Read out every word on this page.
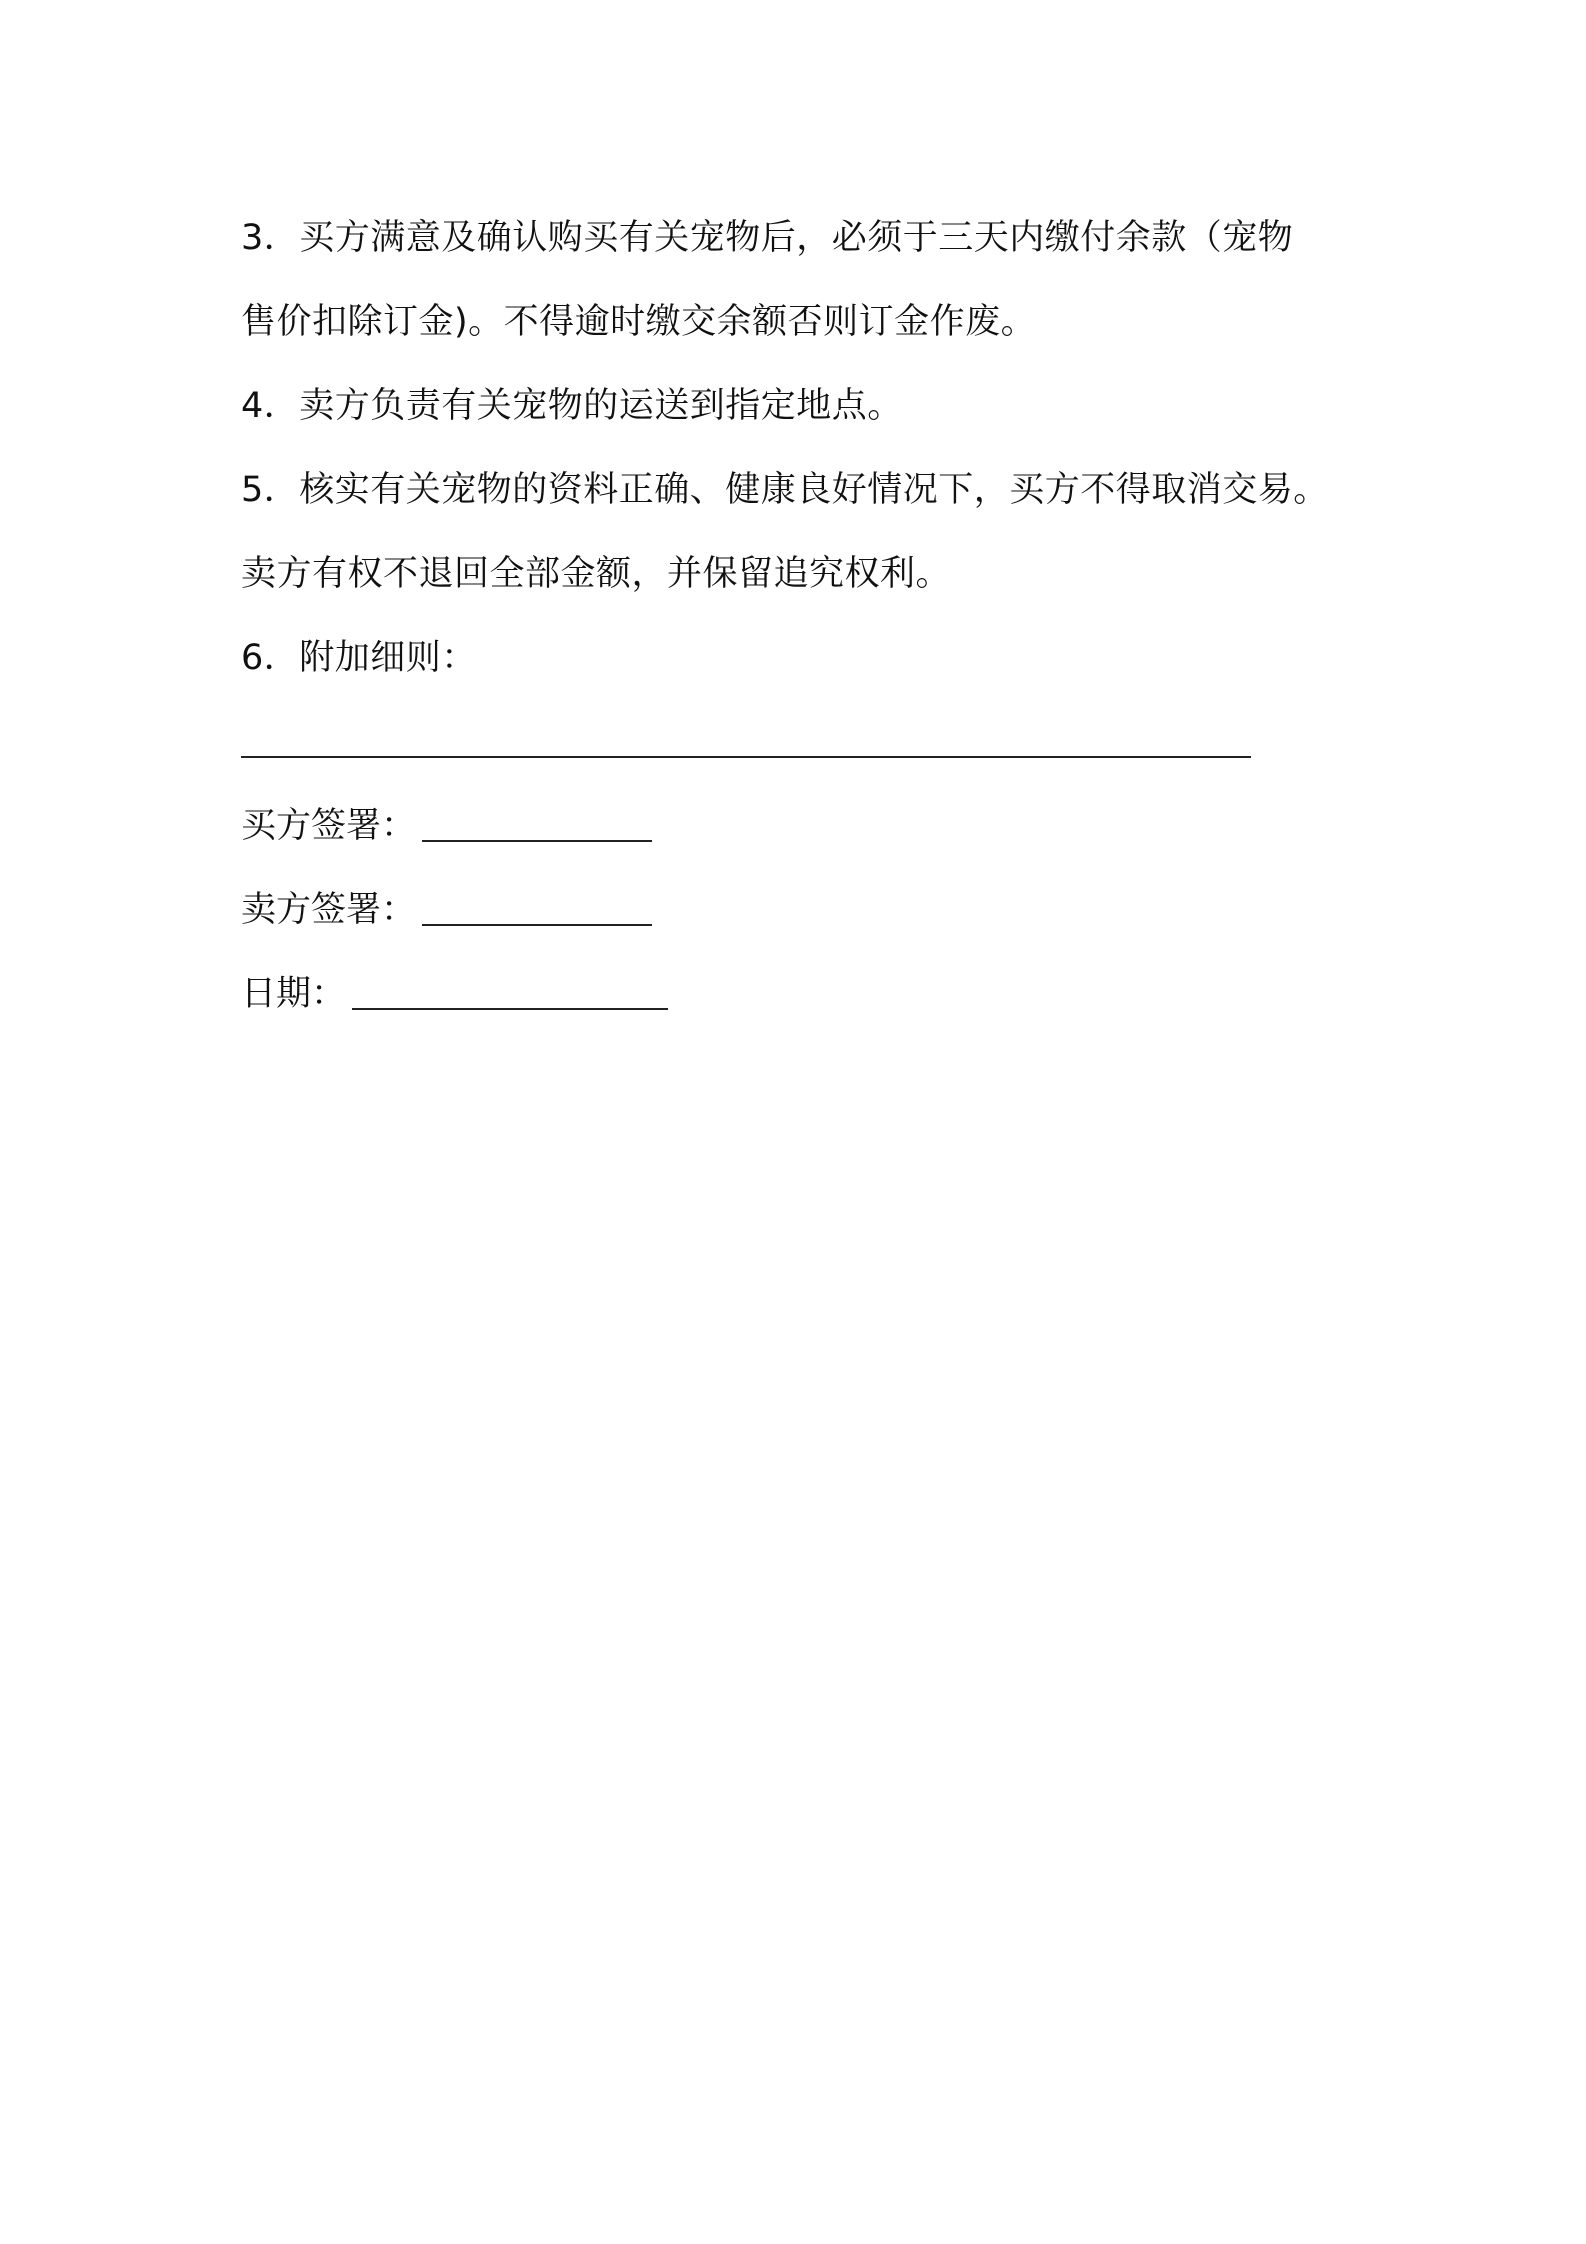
3．买方满意及确认购买有关宠物后，必须于三天内缴付余款（宠物
售价扣除订金)。不得逾时缴交余额否则订金作废。
4．卖方负责有关宠物的运送到指定地点。
5．核实有关宠物的资料正确、健康良好情况下，买方不得取消交易。
卖方有权不退回全部金额，并保留追究权利。
6．附加细则：
买方签署：
卖方签署：
日期：
